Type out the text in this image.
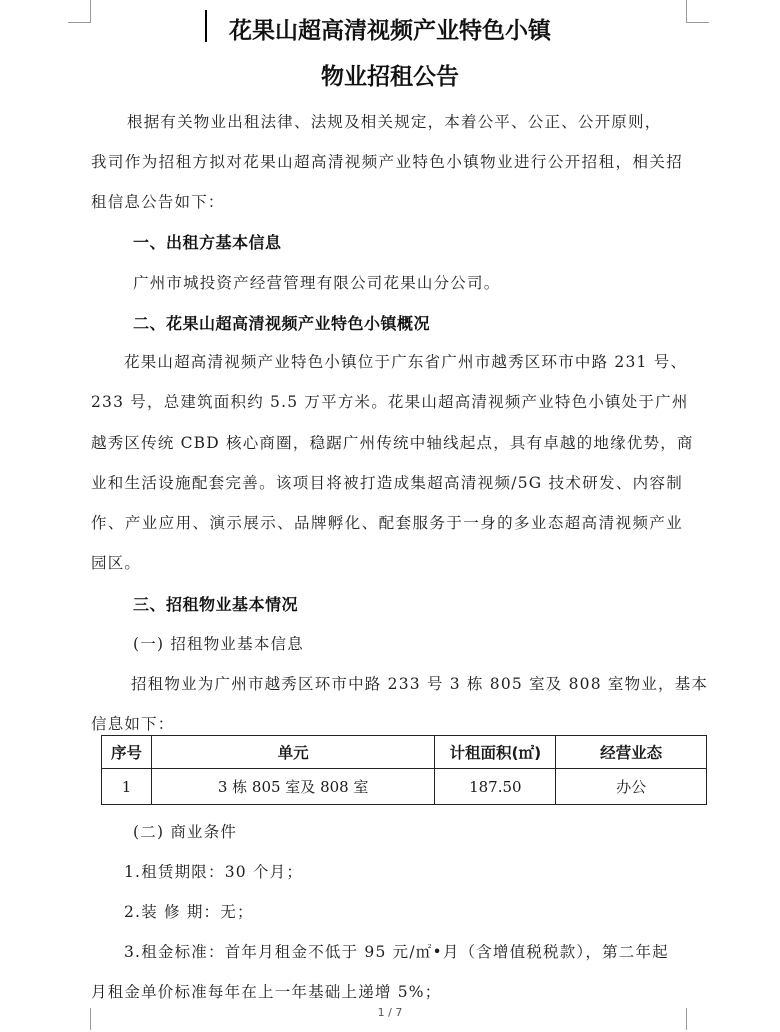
花果山超高清视频产业特色小镇
物业招租公告
根据有关物业出租法律、法规及相关规定，本着公平、公正、公开原则，
我司作为招租方拟对花果山超高清视频产业特色小镇物业进行公开招租，相关招
租信息公告如下：
一、出租方基本信息
广州市城投资产经营管理有限公司花果山分公司。
二、花果山超高清视频产业特色小镇概况
花果山超高清视频产业特色小镇位于广东省广州市越秀区环市中路 231 号、
233 号，总建筑面积约 5.5 万平方米。花果山超高清视频产业特色小镇处于广州
越秀区传统 CBD 核心商圈，稳踞广州传统中轴线起点，具有卓越的地缘优势，商
业和生活设施配套完善。该项目将被打造成集超高清视频/5G 技术研发、内容制
作、产业应用、演示展示、品牌孵化、配套服务于一身的多业态超高清视频产业
园区。
三、招租物业基本情况
(一) 招租物业基本信息
招租物业为广州市越秀区环市中路 233 号 3 栋 805 室及 808 室物业，基本
信息如下：
序号	单元	计租面积(㎡)	经营业态
1	3 栋 805 室及 808 室	187.50	办公
(二) 商业条件
1.租赁期限：30 个月；
2.装 修 期：无；
3.租金标准：首年月租金不低于 95 元/㎡•月（含增值税税款），第二年起
月租金单价标准每年在上一年基础上递增 5%；
1 / 7
